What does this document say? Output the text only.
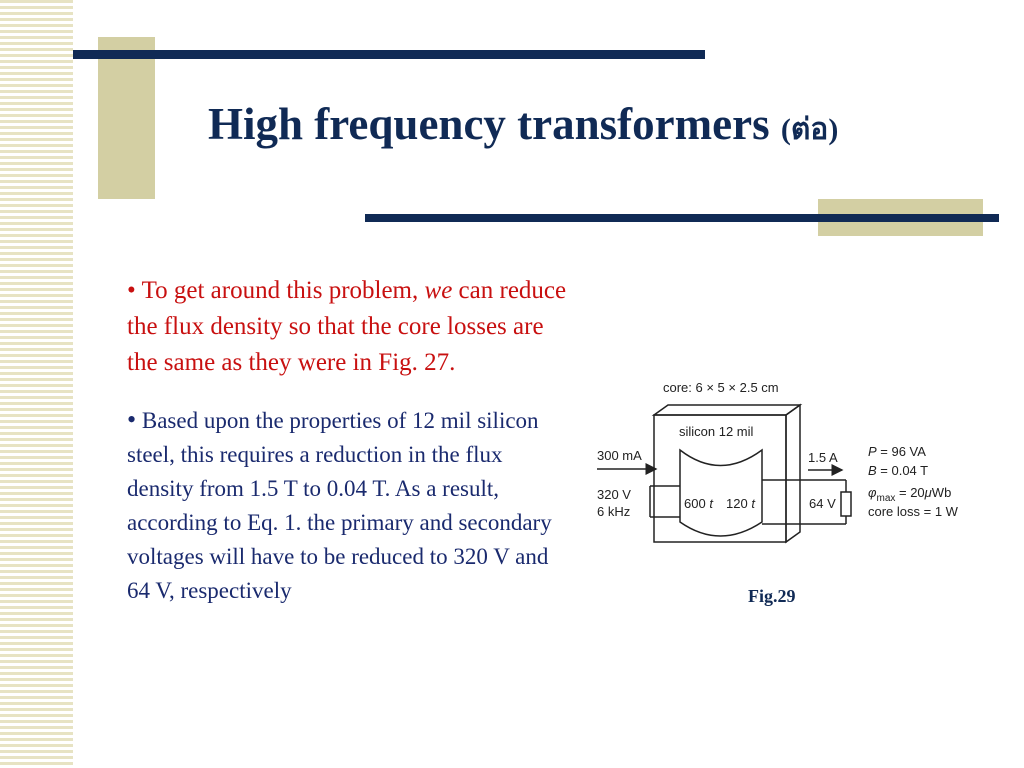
High frequency transformers (ต่อ)

• To get around this problem, we can reduce the flux density so that the core losses are the same as they were in Fig. 27.

• Based upon the properties of 12 mil silicon steel, this requires a reduction in the flux density from 1.5 T to 0.04 T. As a result, according to Eq. 1. the primary and secondary voltages will have to be reduced to 320 V and 64 V, respectively

core: 6 × 5 × 2.5 cm
silicon 12 mil
300 mA
320 V
6 kHz
600 t 120 t
1.5 A
64 V
P = 96 VA
B = 0.04 T
$\varphi_{max} = 20\mu Wb$
core loss = 1 W
Fig.29
